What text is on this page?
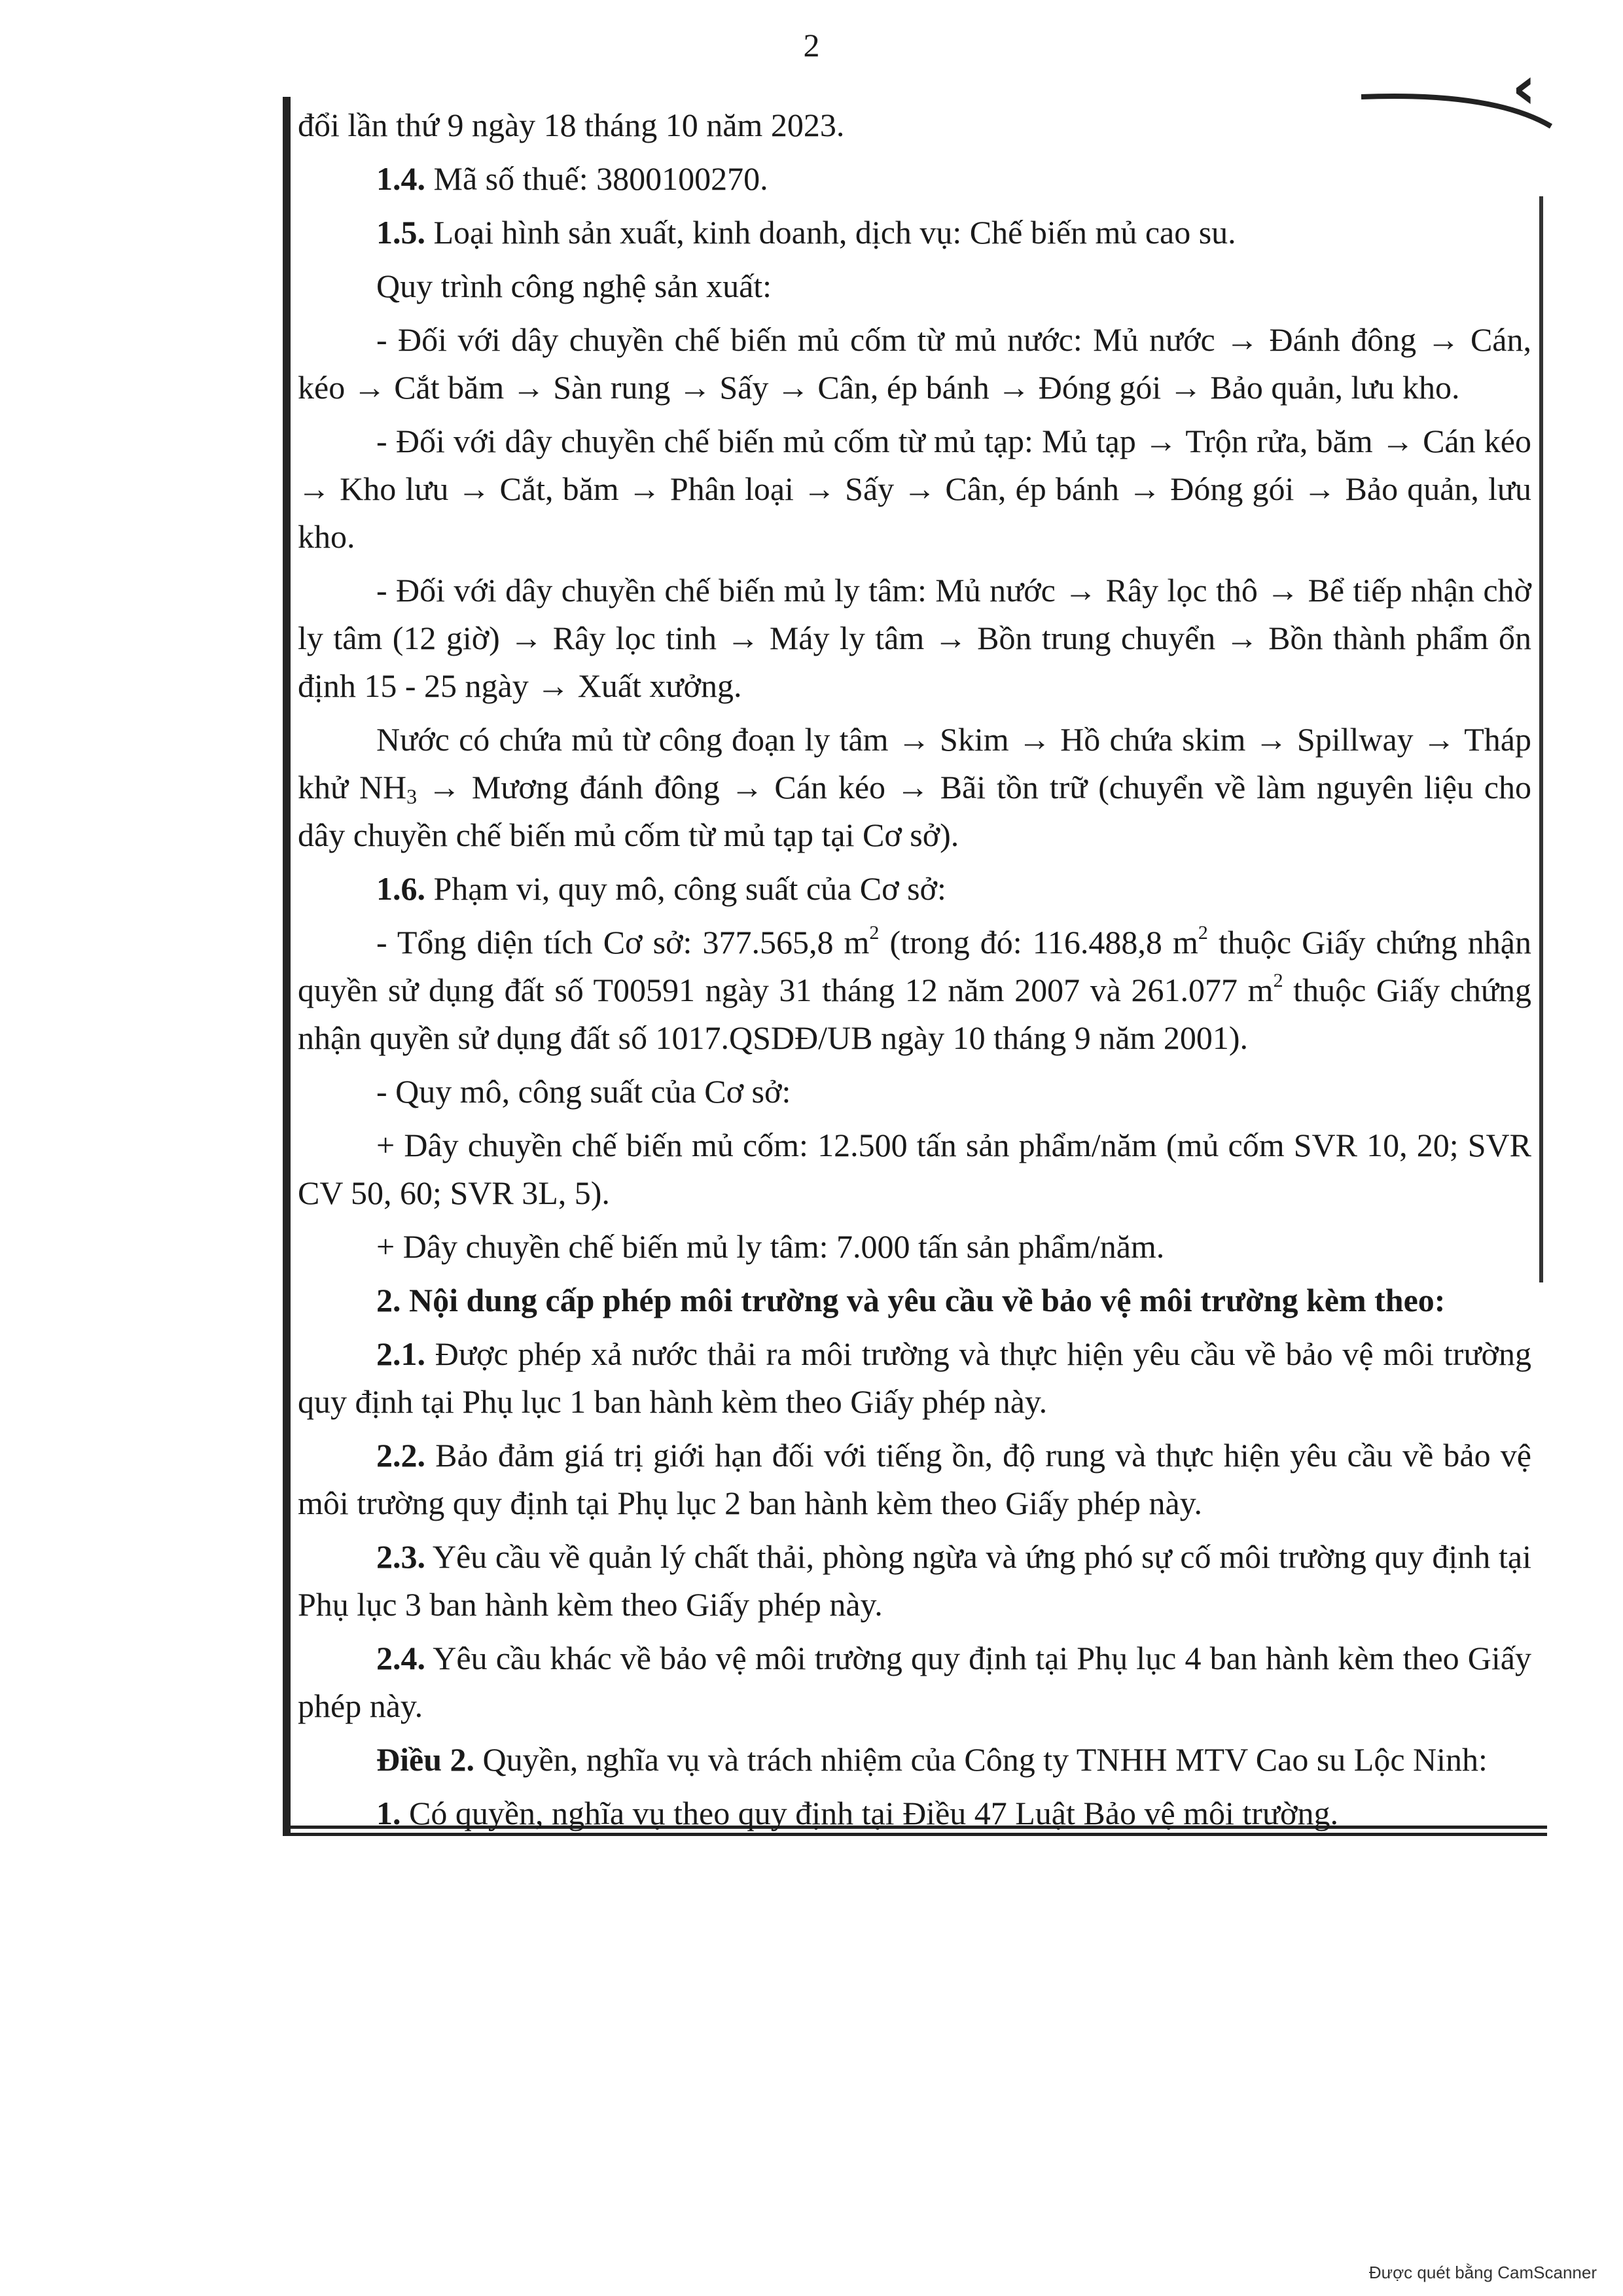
2
‹

đổi lần thứ 9 ngày 18 tháng 10 năm 2023.

1.4. Mã số thuế: 3800100270.

1.5. Loại hình sản xuất, kinh doanh, dịch vụ: Chế biến mủ cao su.

Quy trình công nghệ sản xuất:

- Đối với dây chuyền chế biến mủ cốm từ mủ nước: Mủ nước → Đánh đông → Cán, kéo → Cắt băm → Sàn rung → Sấy → Cân, ép bánh → Đóng gói → Bảo quản, lưu kho.

- Đối với dây chuyền chế biến mủ cốm từ mủ tạp: Mủ tạp → Trộn rửa, băm → Cán kéo → Kho lưu → Cắt, băm → Phân loại → Sấy → Cân, ép bánh → Đóng gói → Bảo quản, lưu kho.

- Đối với dây chuyền chế biến mủ ly tâm: Mủ nước → Rây lọc thô → Bể tiếp nhận chờ ly tâm (12 giờ) → Rây lọc tinh → Máy ly tâm → Bồn trung chuyển → Bồn thành phẩm ổn định 15 - 25 ngày → Xuất xưởng.

Nước có chứa mủ từ công đoạn ly tâm → Skim → Hồ chứa skim → Spillway → Tháp khử $NH_3$ → Mương đánh đông → Cán kéo → Bãi tồn trữ (chuyển về làm nguyên liệu cho dây chuyền chế biến mủ cốm từ mủ tạp tại Cơ sở).

1.6. Phạm vi, quy mô, công suất của Cơ sở:

- Tổng diện tích Cơ sở: 377.565,8 $m^2$ (trong đó: 116.488,8 $m^2$ thuộc Giấy chứng nhận quyền sử dụng đất số T00591 ngày 31 tháng 12 năm 2007 và 261.077 $m^2$ thuộc Giấy chứng nhận quyền sử dụng đất số 1017.QSDĐ/UB ngày 10 tháng 9 năm 2001).

- Quy mô, công suất của Cơ sở:

+ Dây chuyền chế biến mủ cốm: 12.500 tấn sản phẩm/năm (mủ cốm SVR 10, 20; SVR CV 50, 60; SVR 3L, 5).

+ Dây chuyền chế biến mủ ly tâm: 7.000 tấn sản phẩm/năm.

2. Nội dung cấp phép môi trường và yêu cầu về bảo vệ môi trường kèm theo:

2.1. Được phép xả nước thải ra môi trường và thực hiện yêu cầu về bảo vệ môi trường quy định tại Phụ lục 1 ban hành kèm theo Giấy phép này.

2.2. Bảo đảm giá trị giới hạn đối với tiếng ồn, độ rung và thực hiện yêu cầu về bảo vệ môi trường quy định tại Phụ lục 2 ban hành kèm theo Giấy phép này.

2.3. Yêu cầu về quản lý chất thải, phòng ngừa và ứng phó sự cố môi trường quy định tại Phụ lục 3 ban hành kèm theo Giấy phép này.

2.4. Yêu cầu khác về bảo vệ môi trường quy định tại Phụ lục 4 ban hành kèm theo Giấy phép này.

Điều 2. Quyền, nghĩa vụ và trách nhiệm của Công ty TNHH MTV Cao su Lộc Ninh:

1. Có quyền, nghĩa vụ theo quy định tại Điều 47 Luật Bảo vệ môi trường.

Được quét bằng CamScanner
